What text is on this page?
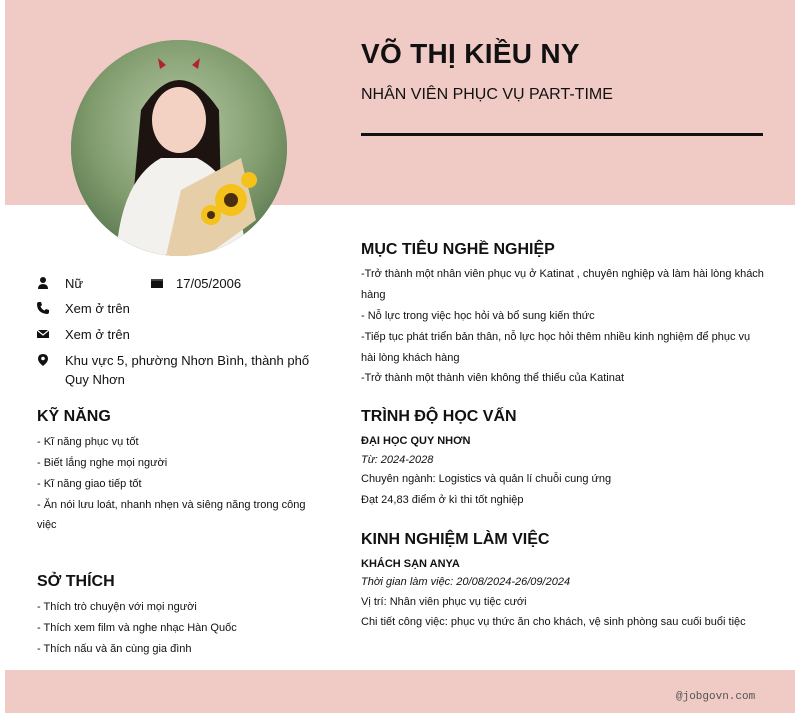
VÕ THỊ KIỀU NY
NHÂN VIÊN PHỤC VỤ PART-TIME
Nữ	17/05/2006
Xem ở trên
Xem ở trên
Khu vực 5, phường Nhơn Bình, thành phố
Quy Nhơn
KỸ NĂNG
- Kĩ năng phục vụ tốt
- Biết lắng nghe mọi người
- Kĩ năng giao tiếp tốt
- Ăn nói lưu loát, nhanh nhẹn và siêng năng trong công
việc
SỞ THÍCH
- Thích trò chuyện với mọi người
- Thích xem film và nghe nhạc Hàn Quốc
- Thích nấu và ăn cùng gia đình
MỤC TIÊU NGHỀ NGHIỆP
-Trở thành một nhân viên phục vụ ở Katinat , chuyên nghiệp và làm hài lòng khách
hàng
- Nỗ lực trong việc học hỏi và bổ sung kiến thức
-Tiếp tục phát triển bản thân, nỗ lực học hỏi thêm nhiều kinh nghiệm để phục vụ
hài lòng khách hàng
-Trở thành một thành viên không thể thiếu của Katinat
TRÌNH ĐỘ HỌC VẤN
ĐẠI HỌC QUY NHƠN
Từ: 2024-2028
Chuyên ngành: Logistics và quản lí chuỗi cung ứng
Đạt 24,83 điểm ở kì thi tốt nghiệp
KINH NGHIỆM LÀM VIỆC
KHÁCH SẠN ANYA
Thời gian làm việc: 20/08/2024-26/09/2024
Vị trí: Nhân viên phục vụ tiệc cưới
Chi tiết công việc: phục vụ thức ăn cho khách, vệ sinh phòng sau cuối buổi tiệc
@jobgovn.com
